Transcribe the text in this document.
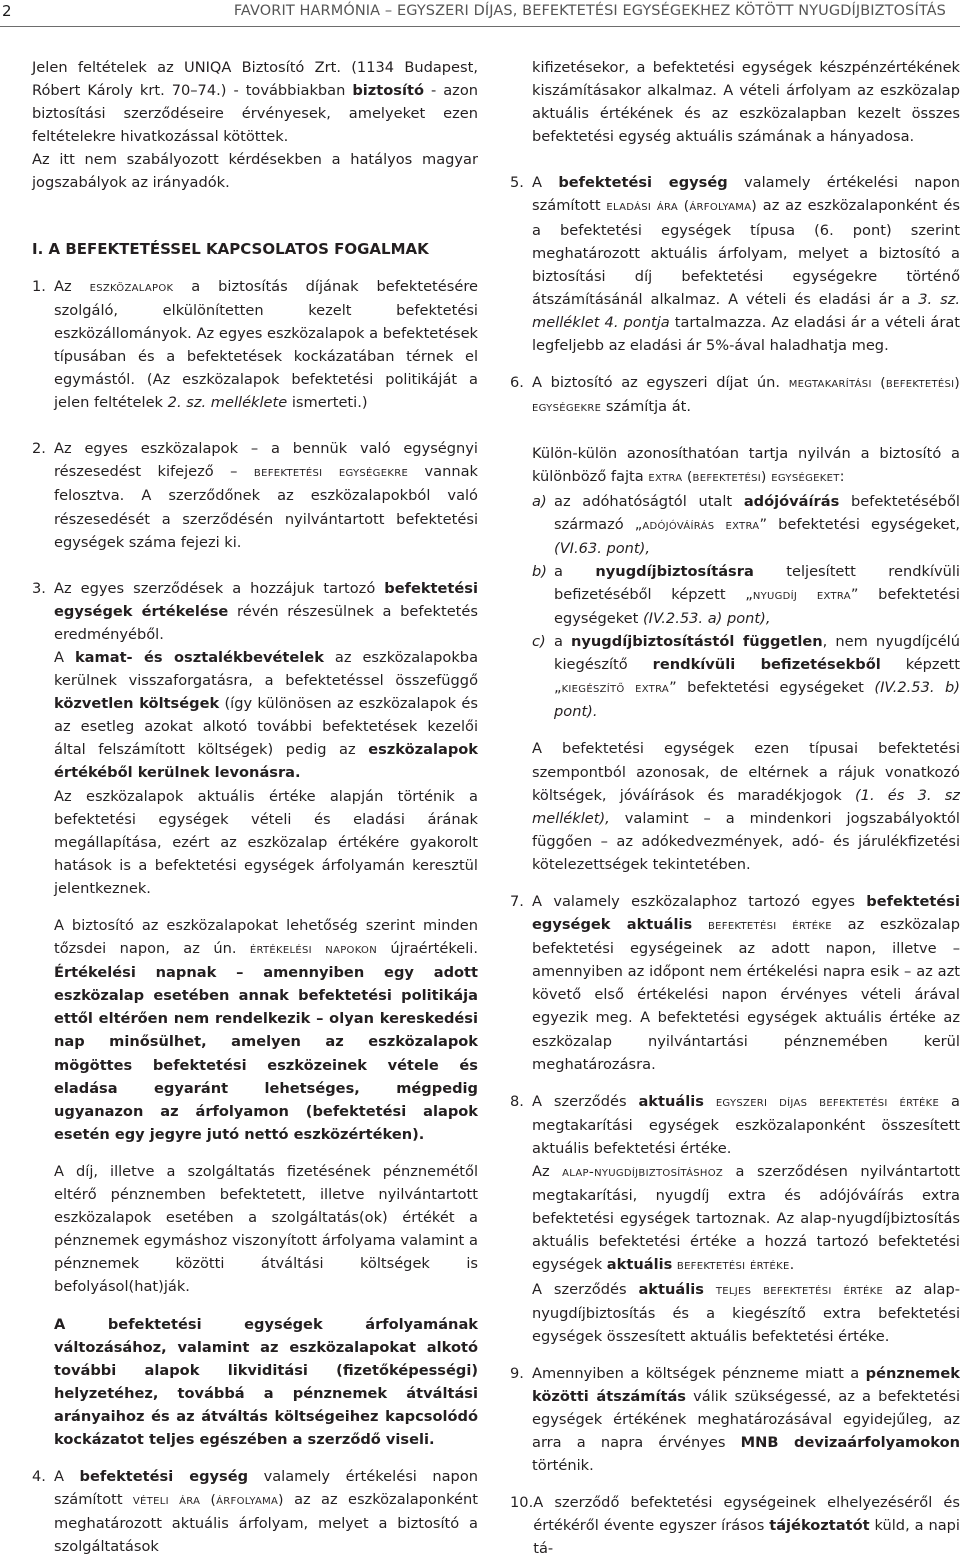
2	FAVORIT HARMÓNIA – EGYSZERI DÍJAS, BEFEKTETÉSI EGYSÉGEKHEZ KÖTÖTT NYUGDÍJBIZTOSÍTÁS

Jelen feltételek az UNIQA Biztosító Zrt. (1134 Budapest, Róbert Károly krt. 70–74.) - továbbiakban biztosító - azon biztosítási szerződéseire érvényesek, amelyeket ezen feltételekre hivatkozással kötöttek.

Az itt nem szabályozott kérdésekben a hatályos magyar jogszabályok az irányadók.

I. A BEFEKTETÉSSEL KAPCSOLATOS FOGALMAK

1. Az eszközalapok a biztosítás díjának befektetésére szolgáló, elkülönítetten kezelt befektetési eszközállományok. Az egyes eszközalapok a befektetések típusában és a befektetések kockázatában térnek el egymástól. (Az eszközalapok befektetési politikáját a jelen feltételek 2. sz. melléklete ismerteti.)

2. Az egyes eszközalapok – a bennük való egységnyi részesedést kifejező – befektetési egységekre vannak felosztva. A szerződőnek az eszközalapokból való részesedését a szerződésén nyilvántartott befektetési egységek száma fejezi ki.

3. Az egyes szerződések a hozzájuk tartozó befektetési egységek értékelése révén részesülnek a befektetés eredményéből.

A kamat- és osztalékbevételek az eszközalapokba kerülnek visszaforgatásra, a befektetéssel összefüggő közvetlen költségek (így különösen az eszközalapok és az esetleg azokat alkotó további befektetések kezelői által felszámított költségek) pedig az eszközalapok értékéből kerülnek levonásra.

Az eszközalapok aktuális értéke alapján történik a befektetési egységek vételi és eladási árának megállapítása, ezért az eszközalap értékére gyakorolt hatások is a befektetési egységek árfolyamán keresztül jelentkeznek.

A biztosító az eszközalapokat lehetőség szerint minden tőzsdei napon, az ún. értékelési napokon újraértékeli. Értékelési napnak – amennyiben egy adott eszközalap esetében annak befektetési politikája ettől eltérően nem rendelkezik – olyan kereskedési nap minősülhet, amelyen az eszközalapok mögöttes befektetési eszközeinek vétele és eladása egyaránt lehetséges, mégpedig ugyanazon az árfolyamon (befektetési alapok esetén egy jegyre jutó nettó eszközértéken).

A díj, illetve a szolgáltatás fizetésének pénznemétől eltérő pénznemben befektetett, illetve nyilvántartott eszközalapok esetében a szolgáltatás(ok) értékét a pénznemek egymáshoz viszonyított árfolyama valamint a pénznemek közötti átváltási költségek is befolyásol(hat)ják.

A befektetési egységek árfolyamának változásához, valamint az eszközalapokat alkotó további alapok likviditási (fizetőképességi) helyzetéhez, továbbá a pénznemek átváltási arányaihoz és az átváltás költségeihez kapcsolódó kockázatot teljes egészében a szerződő viseli.

4. A befektetési egység valamely értékelési napon számított vételi ára (árfolyama) az az eszközalaponként meghatározott aktuális árfolyam, melyet a biztosító a szolgáltatások

kifizetésekor, a befektetési egységek készpénzértékének kiszámításakor alkalmaz. A vételi árfolyam az eszközalap aktuális értékének és az eszközalapban kezelt összes befektetési egység aktuális számának a hányadosa.

5. A befektetési egység valamely értékelési napon számított eladási ára (árfolyama) az az eszközalaponként és a befektetési egységek típusa (6. pont) szerint meghatározott aktuális árfolyam, melyet a biztosító a biztosítási díj befektetési egységekre történő átszámításánál alkalmaz. A vételi és eladási ár a 3. sz. melléklet 4. pontja tartalmazza. Az eladási ár a vételi árat legfeljebb az eladási ár 5%-ával haladhatja meg.

6. A biztosító az egyszeri díjat ún. megtakarítási (befektetési) egységekre számítja át.

Külön-külön azonosíthatóan tartja nyilván a biztosító a különböző fajta extra (befektetési) egységeket:

a) az adóhatóságtól utalt adójóváírás befektetéséből származó „adójóváírás extra” befektetési egységeket, (VI.63. pont),

b) a nyugdíjbiztosításra teljesített rendkívüli befizetéséből képzett „nyugdíj extra” befektetési egységeket (IV.2.53. a) pont),

c) a nyugdíjbiztosítástól független, nem nyugdíjcélú kiegészítő rendkívüli befizetésekből képzett „kiegészítő extra” befektetési egységeket (IV.2.53. b) pont).

A befektetési egységek ezen típusai befektetési szempontból azonosak, de eltérnek a rájuk vonatkozó költségek, jóváírások és maradékjogok (1. és 3. sz melléklet), valamint – a mindenkori jogszabályoktól függően – az adókedvezmények, adó- és járulékfizetési kötelezettségek tekintetében.

7. A valamely eszközalaphoz tartozó egyes befektetési egységek aktuális befektetési értéke az eszközalap befektetési egységeinek az adott napon, illetve – amennyiben az időpont nem értékelési napra esik – az azt követő első értékelési napon érvényes vételi árával egyezik meg. A befektetési egységek aktuális értéke az eszközalap nyilvántartási pénznemében kerül meghatározásra.

8. A szerződés aktuális egyszeri díjas befektetési értéke a megtakarítási egységek eszközalaponként összesített aktuális befektetési értéke.

Az alap-nyugdíjbiztosításhoz a szerződésen nyilvántartott megtakarítási, nyugdíj extra és adójóváírás extra befektetési egységek tartoznak. Az alap-nyugdíjbiztosítás aktuális befektetési értéke a hozzá tartozó befektetési egységek aktuális befektetési értéke.

A szerződés aktuális teljes befektetési értéke az alap-nyugdíjbiztosítás és a kiegészítő extra befektetési egységek összesített aktuális befektetési értéke.

9. Amennyiben a költségek pénzneme miatt a pénznemek közötti átszámítás válik szükségessé, az a befektetési egységek értékének meghatározásával egyidejűleg, az arra a napra érvényes MNB devizaárfolyamokon történik.

10. A szerződő befektetési egységeinek elhelyezéséről és értékéről évente egyszer írásos tájékoztatót küld, a napi tá-
